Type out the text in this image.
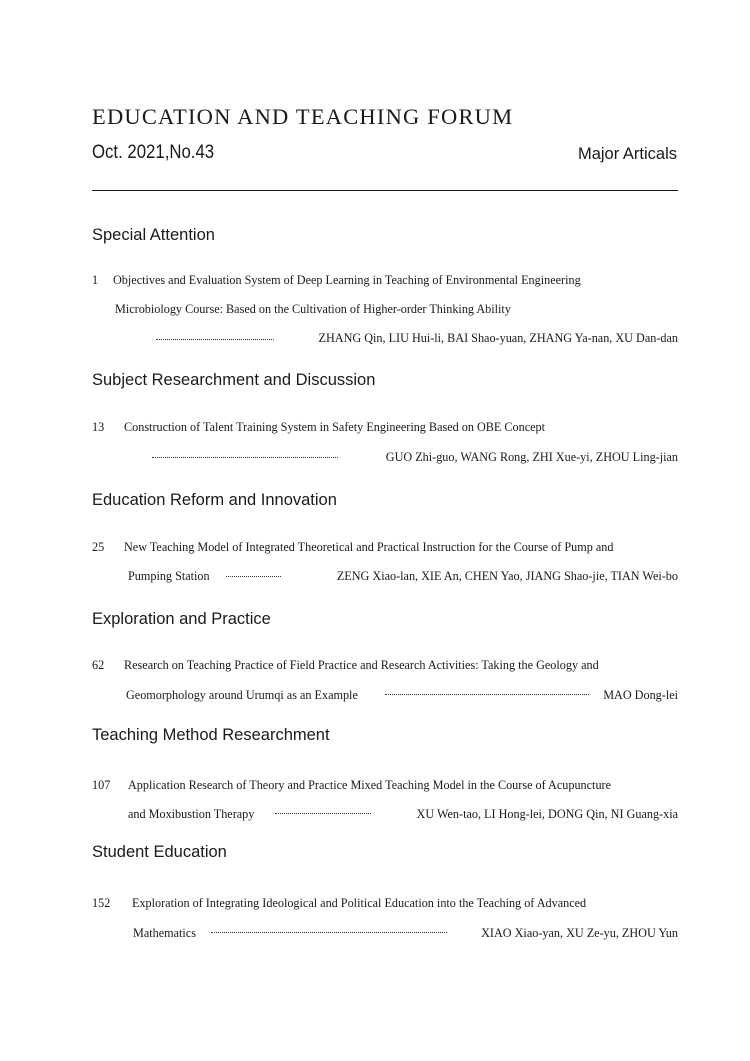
EDUCATION AND TEACHING FORUM
Oct. 2021,No.43	Major Articals
Special Attention
1 Objectives and Evaluation System of Deep Learning in Teaching of Environmental Engineering
Microbiology Course: Based on the Cultivation of Higher-order Thinking Ability
ZHANG Qin, LIU Hui-li, BAI Shao-yuan, ZHANG Ya-nan, XU Dan-dan
Subject Researchment and Discussion
13 Construction of Talent Training System in Safety Engineering Based on OBE Concept
GUO Zhi-guo, WANG Rong, ZHI Xue-yi, ZHOU Ling-jian
Education Reform and Innovation
25 New Teaching Model of Integrated Theoretical and Practical Instruction for the Course of Pump and
Pumping Station	ZENG Xiao-lan, XIE An, CHEN Yao, JIANG Shao-jie, TIAN Wei-bo
Exploration and Practice
62 Research on Teaching Practice of Field Practice and Research Activities: Taking the Geology and
Geomorphology around Urumqi as an Example	MAO Dong-lei
Teaching Method Researchment
107 Application Research of Theory and Practice Mixed Teaching Model in the Course of Acupuncture
and Moxibustion Therapy	XU Wen-tao, LI Hong-lei, DONG Qin, NI Guang-xia
Student Education
152 Exploration of Integrating Ideological and Political Education into the Teaching of Advanced
Mathematics	XIAO Xiao-yan, XU Ze-yu, ZHOU Yun
